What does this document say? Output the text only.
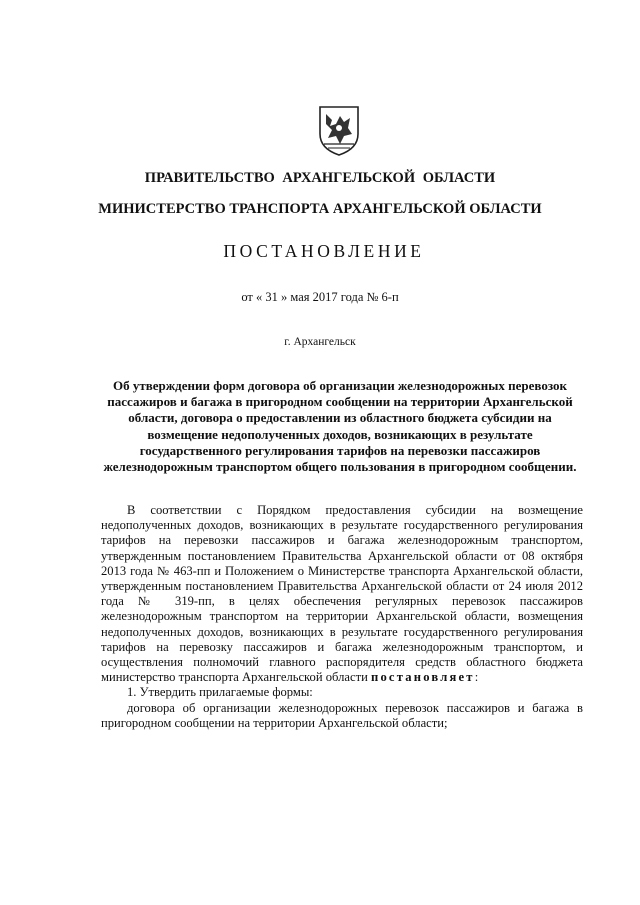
ПРАВИТЕЛЬСТВО АРХАНГЕЛЬСКОЙ ОБЛАСТИ
МИНИСТЕРСТВО ТРАНСПОРТА АРХАНГЕЛЬСКОЙ ОБЛАСТИ
ПОСТАНОВЛЕНИЕ
от « 31 » мая 2017 года № 6-п
г. Архангельск
Об утверждении форм договора об организации железнодорожных перевозок пассажиров и багажа в пригородном сообщении на территории Архангельской области, договора о предоставлении из областного бюджета субсидии на возмещение недополученных доходов, возникающих в результате государственного регулирования тарифов на перевозки пассажиров железнодорожным транспортом общего пользования в пригородном сообщении.

В соответствии с Порядком предоставления субсидии на возмещение недополученных доходов, возникающих в результате государственного регулирования тарифов на перевозки пассажиров и багажа железнодорожным транспортом, утвержденным постановлением Правительства Архангельской области от 08 октября 2013 года № 463-пп и Положением о Министерстве транспорта Архангельской области, утвержденным постановлением Правительства Архангельской области от 24 июля 2012 года № 319-пп, в целях обеспечения регулярных перевозок пассажиров железнодорожным транспортом на территории Архангельской области, возмещения недополученных доходов, возникающих в результате государственного регулирования тарифов на перевозку пассажиров и багажа железнодорожным транспортом, и осуществления полномочий главного распорядителя средств областного бюджета министерство транспорта Архангельской области постановляет:

1. Утвердить прилагаемые формы:

договора об организации железнодорожных перевозок пассажиров и багажа в пригородном сообщении на территории Архангельской области;
